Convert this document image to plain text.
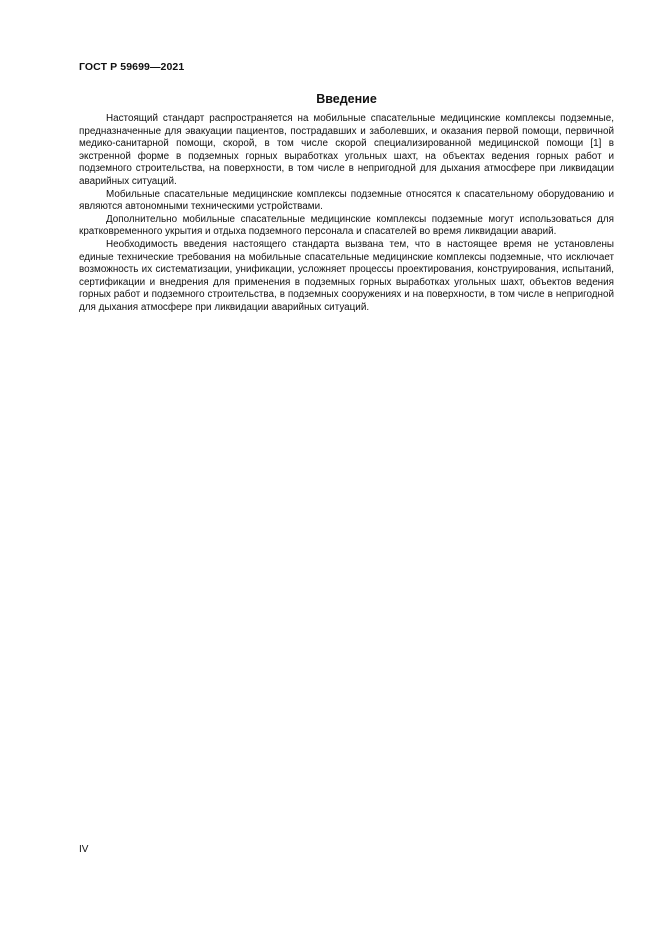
ГОСТ Р 59699—2021
Введение

Настоящий стандарт распространяется на мобильные спасательные медицинские комплексы подземные, предназначенные для эвакуации пациентов, пострадавших и заболевших, и оказания первой помощи, первичной медико-санитарной помощи, скорой, в том числе скорой специализированной медицинской помощи [1] в экстренной форме в подземных горных выработках угольных шахт, на объектах ведения горных работ и подземного строительства, на поверхности, в том числе в непригодной для дыхания атмосфере при ликвидации аварийных ситуаций.

Мобильные спасательные медицинские комплексы подземные относятся к спасательному оборудованию и являются автономными техническими устройствами.

Дополнительно мобильные спасательные медицинские комплексы подземные могут использоваться для кратковременного укрытия и отдыха подземного персонала и спасателей во время ликвидации аварий.

Необходимость введения настоящего стандарта вызвана тем, что в настоящее время не установлены единые технические требования на мобильные спасательные медицинские комплексы подземные, что исключает возможность их систематизации, унификации, усложняет процессы проектирования, конструирования, испытаний, сертификации и внедрения для применения в подземных горных выработках угольных шахт, объектов ведения горных работ и подземного строительства, в подземных сооружениях и на поверхности, в том числе в непригодной для дыхания атмосфере при ликвидации аварийных ситуаций.

IV
